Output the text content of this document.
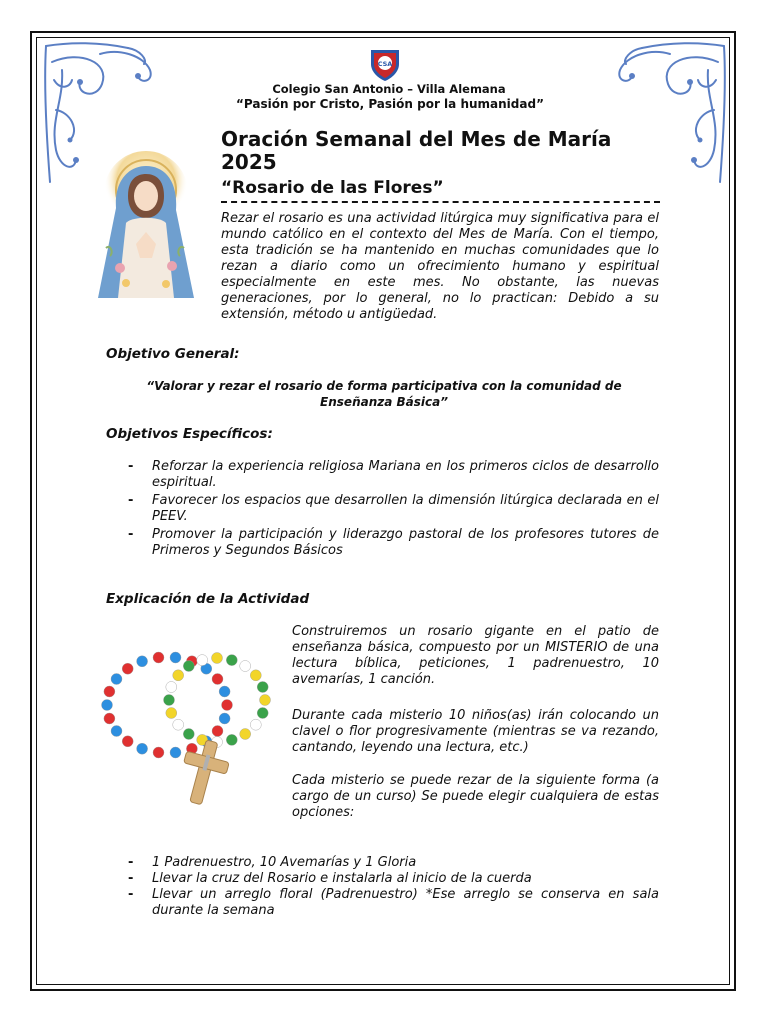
CSA
Colegio San Antonio – Villa Alemana
“Pasión por Cristo, Pasión por la humanidad”
Oración Semanal del Mes de María 2025
“Rosario de las Flores”
Rezar el rosario es una actividad litúrgica muy significativa para el mundo católico en el contexto del Mes de María. Con el tiempo, esta tradición se ha mantenido en muchas comunidades que lo rezan a diario como un ofrecimiento humano y espiritual especialmente en este mes. No obstante, las nuevas generaciones, por lo general, no lo practican: Debido a su extensión, método u antigüedad.
Objetivo General:
“Valorar y rezar el rosario de forma participativa con la comunidad de Enseñanza Básica”
Objetivos Específicos:
- Reforzar la experiencia religiosa Mariana en los primeros ciclos de desarrollo espiritual.
- Favorecer los espacios que desarrollen la dimensión litúrgica declarada en el PEEV.
- Promover la participación y liderazgo pastoral de los profesores tutores de Primeros y Segundos Básicos
Explicación de la Actividad
Construiremos un rosario gigante en el patio de enseñanza básica, compuesto por un MISTERIO de una lectura bíblica, peticiones, 1 padrenuestro, 10 avemarías, 1 canción.
Durante cada misterio 10 niños(as) irán colocando un clavel o flor progresivamente (mientras se va rezando, cantando, leyendo una lectura, etc.)
Cada misterio se puede rezar de la siguiente forma (a cargo de un curso) Se puede elegir cualquiera de estas opciones:
- 1 Padrenuestro, 10 Avemarías y 1 Gloria
- Llevar la cruz del Rosario e instalarla al inicio de la cuerda
- Llevar un arreglo floral (Padrenuestro) *Ese arreglo se conserva en sala durante la semana
